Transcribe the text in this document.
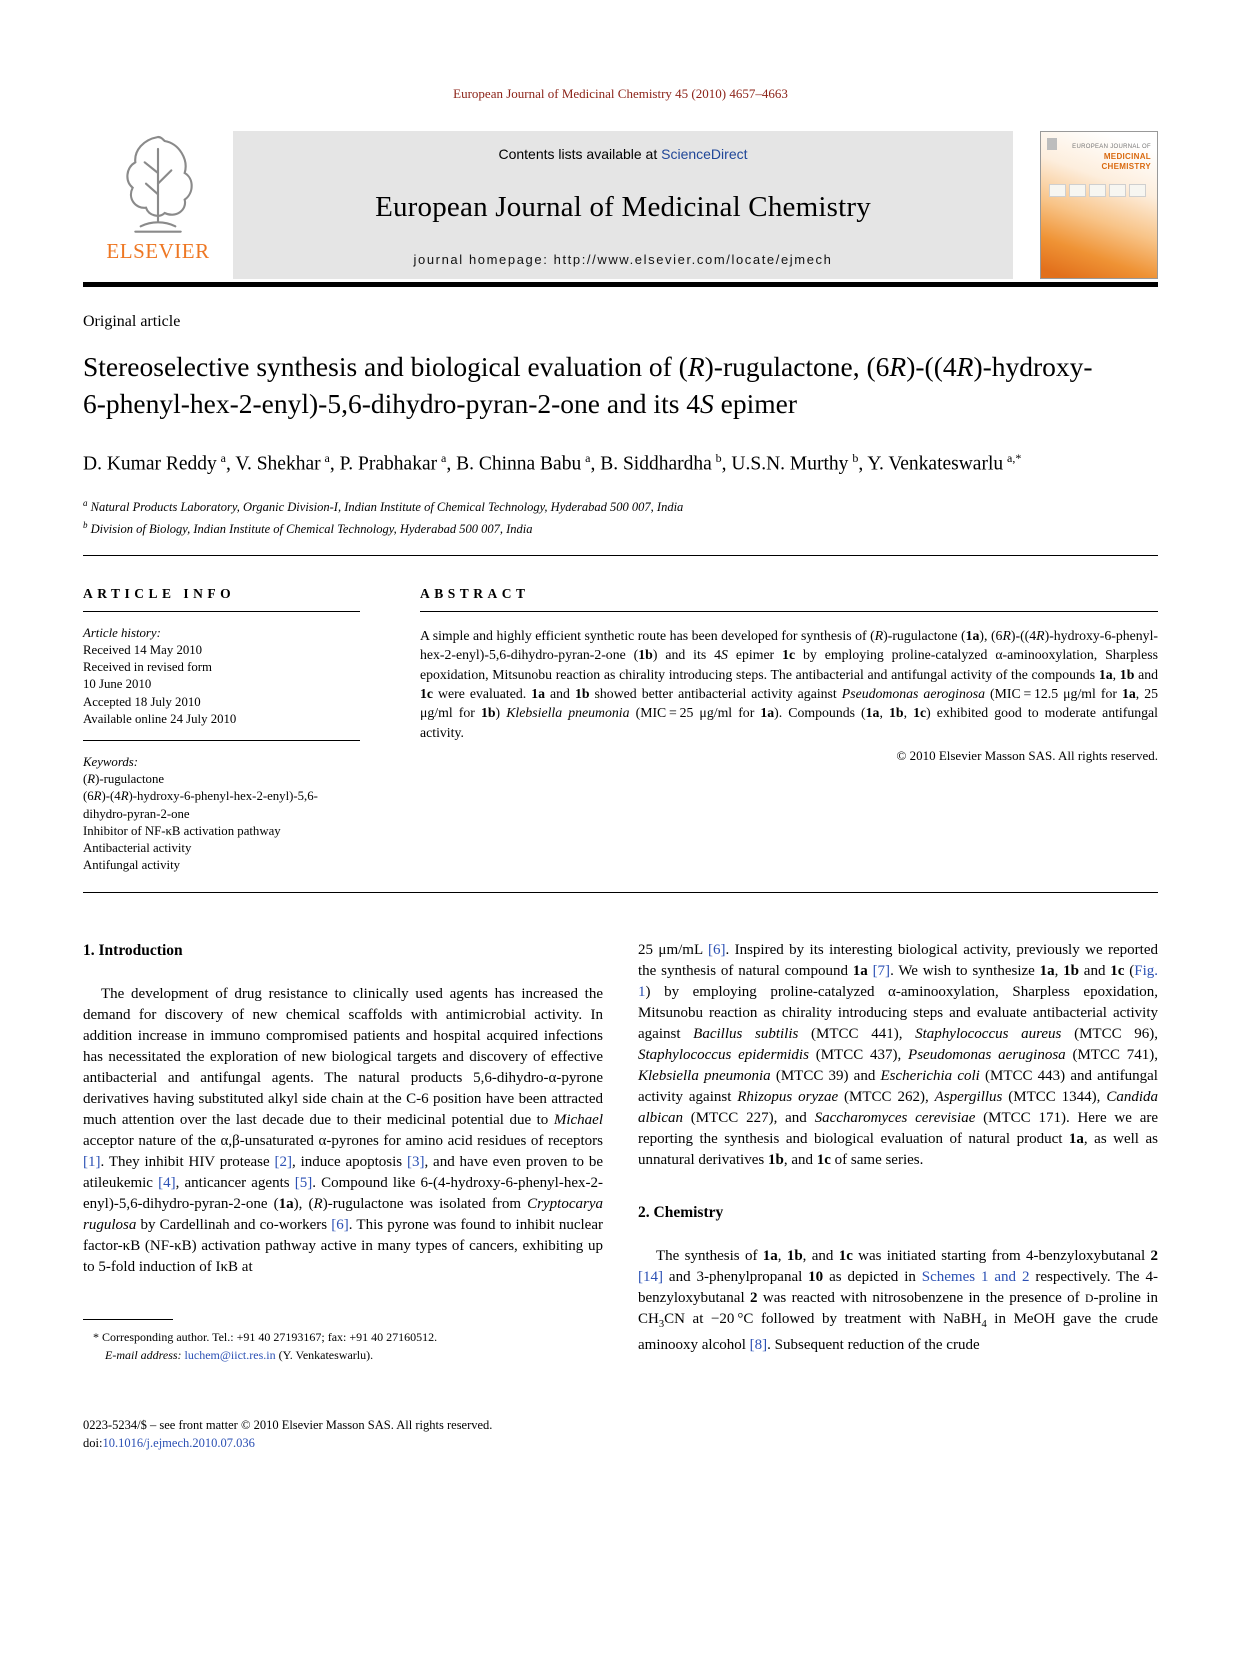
European Journal of Medicinal Chemistry 45 (2010) 4657–4663
ELSEVIER
Contents lists available at ScienceDirect
European Journal of Medicinal Chemistry
journal homepage: http://www.elsevier.com/locate/ejmech
EUROPEAN JOURNAL OF
MEDICINAL
CHEMISTRY
Original article
Stereoselective synthesis and biological evaluation of (R)-rugulactone, (6R)-((4R)-hydroxy-6-phenyl-hex-2-enyl)-5,6-dihydro-pyran-2-one and its 4S epimer
D. Kumar Reddy $^a$, V. Shekhar $^a$, P. Prabhakar $^a$, B. Chinna Babu $^a$, B. Siddhardha $^b$, U.S.N. Murthy $^b$, Y. Venkateswarlu $^{a,*}$
$^a$ Natural Products Laboratory, Organic Division-I, Indian Institute of Chemical Technology, Hyderabad 500 007, India
$^b$ Division of Biology, Indian Institute of Chemical Technology, Hyderabad 500 007, India
ARTICLE INFO
Article history:
Received 14 May 2010
Received in revised form
10 June 2010
Accepted 18 July 2010
Available online 24 July 2010
Keywords:
(R)-rugulactone
(6R)-(4R)-hydroxy-6-phenyl-hex-2-enyl)-5,6-dihydro-pyran-2-one
Inhibitor of NF-κB activation pathway
Antibacterial activity
Antifungal activity
ABSTRACT
A simple and highly efficient synthetic route has been developed for synthesis of (R)-rugulactone (1a), (6R)-((4R)-hydroxy-6-phenyl-hex-2-enyl)-5,6-dihydro-pyran-2-one (1b) and its 4S epimer 1c by employing proline-catalyzed α-aminooxylation, Sharpless epoxidation, Mitsunobu reaction as chirality introducing steps. The antibacterial and antifungal activity of the compounds 1a, 1b and 1c were evaluated. 1a and 1b showed better antibacterial activity against Pseudomonas aeroginosa (MIC = 12.5 μg/ml for 1a, 25 μg/ml for 1b) Klebsiella pneumonia (MIC = 25 μg/ml for 1a). Compounds (1a, 1b, 1c) exhibited good to moderate antifungal activity.
© 2010 Elsevier Masson SAS. All rights reserved.
1. Introduction
The development of drug resistance to clinically used agents has increased the demand for discovery of new chemical scaffolds with antimicrobial activity. In addition increase in immuno compromised patients and hospital acquired infections has necessitated the exploration of new biological targets and discovery of effective antibacterial and antifungal agents. The natural products 5,6-dihydro-α-pyrone derivatives having substituted alkyl side chain at the C-6 position have been attracted much attention over the last decade due to their medicinal potential due to Michael acceptor nature of the α,β-unsaturated α-pyrones for amino acid residues of receptors [1]. They inhibit HIV protease [2], induce apoptosis [3], and have even proven to be atileukemic [4], anticancer agents [5]. Compound like 6-(4-hydroxy-6-phenyl-hex-2-enyl)-5,6-dihydro-pyran-2-one (1a), (R)-rugulactone was isolated from Cryptocarya rugulosa by Cardellinah and co-workers [6]. This pyrone was found to inhibit nuclear factor-κB (NF-κB) activation pathway active in many types of cancers, exhibiting up to 5-fold induction of IκB at
* Corresponding author. Tel.: +91 40 27193167; fax: +91 40 27160512.
E-mail address: luchem@iict.res.in (Y. Venkateswarlu).
0223-5234/$ – see front matter © 2010 Elsevier Masson SAS. All rights reserved.
doi:10.1016/j.ejmech.2010.07.036
25 μm/mL [6]. Inspired by its interesting biological activity, previously we reported the synthesis of natural compound 1a [7]. We wish to synthesize 1a, 1b and 1c (Fig. 1) by employing proline-catalyzed α-aminooxylation, Sharpless epoxidation, Mitsunobu reaction as chirality introducing steps and evaluate antibacterial activity against Bacillus subtilis (MTCC 441), Staphylococcus aureus (MTCC 96), Staphylococcus epidermidis (MTCC 437), Pseudomonas aeruginosa (MTCC 741), Klebsiella pneumonia (MTCC 39) and Escherichia coli (MTCC 443) and antifungal activity against Rhizopus oryzae (MTCC 262), Aspergillus (MTCC 1344), Candida albican (MTCC 227), and Saccharomyces cerevisiae (MTCC 171). Here we are reporting the synthesis and biological evaluation of natural product 1a, as well as unnatural derivatives 1b, and 1c of same series.
2. Chemistry
The synthesis of 1a, 1b, and 1c was initiated starting from 4-benzyloxybutanal 2 [14] and 3-phenylpropanal 10 as depicted in Schemes 1 and 2 respectively. The 4-benzyloxybutanal 2 was reacted with nitrosobenzene in the presence of D-proline in $CH_3CN$ at −20 °C followed by treatment with NaBH$_4$ in MeOH gave the crude aminooxy alcohol [8]. Subsequent reduction of the crude
